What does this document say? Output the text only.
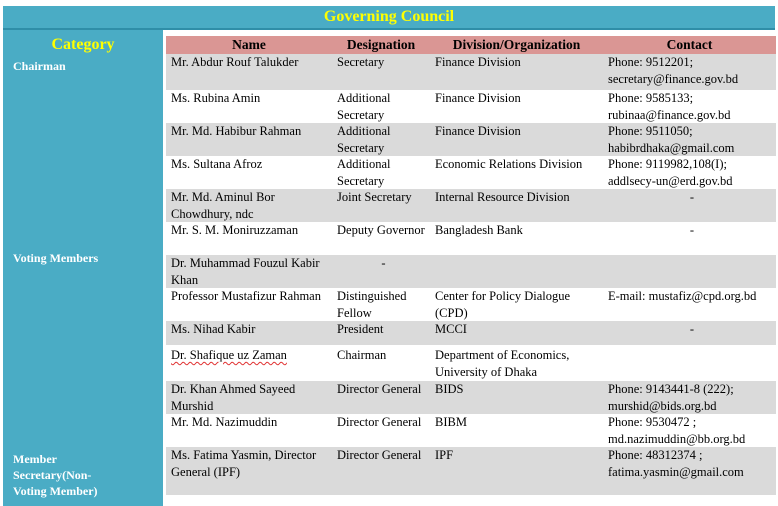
Governing Council
Category
Chairman
Voting Members
Member Secretary(Non-Voting Member)
Name	Designation	Division/Organization	Contact
Mr. Abdur Rouf Talukder	Secretary	Finance Division	Phone: 9512201; secretary@finance.gov.bd
Ms. Rubina Amin	Additional Secretary	Finance Division	Phone: 9585133; rubinaa@finance.gov.bd
Mr. Md. Habibur Rahman	Additional Secretary	Finance Division	Phone: 9511050; habibrdhaka@gmail.com
Ms. Sultana Afroz	Additional Secretary	Economic Relations Division	Phone: 9119982,108(I); addlsecy-un@erd.gov.bd
Mr. Md. Aminul Bor Chowdhury, ndc	Joint Secretary	Internal Resource Division	-
Mr. S. M. Moniruzzaman	Deputy Governor	Bangladesh Bank	-
Dr. Muhammad Fouzul Kabir Khan	-		
Professor Mustafizur Rahman	Distinguished Fellow	Center for Policy Dialogue (CPD)	E-mail: mustafiz@cpd.org.bd
Ms. Nihad Kabir	President	MCCI	-
Dr. Shafique uz Zaman	Chairman	Department of Economics, University of Dhaka	
Dr. Khan Ahmed Sayeed Murshid	Director General	BIDS	Phone: 9143441-8 (222); murshid@bids.org.bd
Mr. Md. Nazimuddin	Director General	BIBM	Phone: 9530472 ; md.nazimuddin@bb.org.bd
Ms. Fatima Yasmin, Director General (IPF)	Director General	IPF	Phone: 48312374 ; fatima.yasmin@gmail.com
